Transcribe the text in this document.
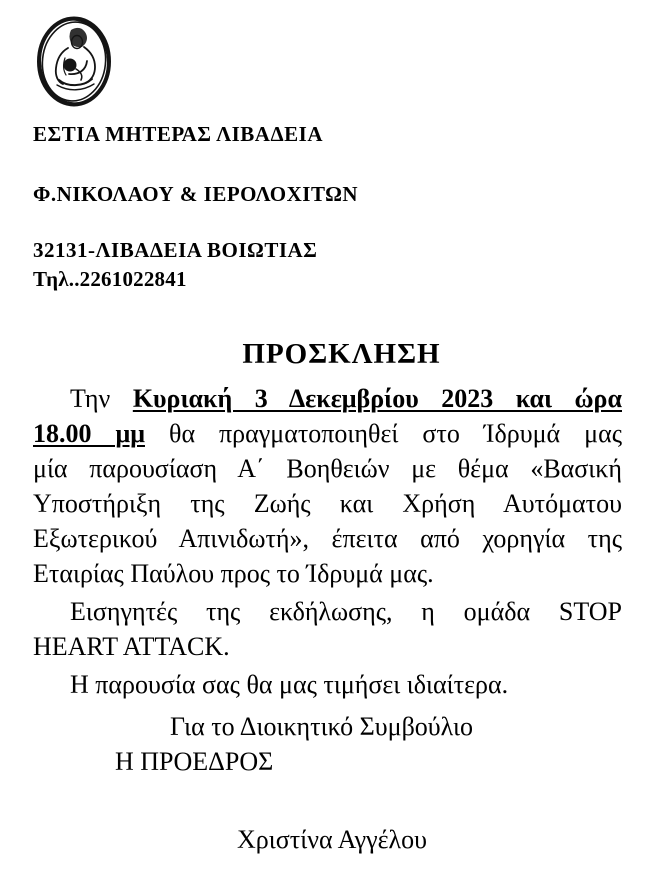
ΕΣΤΙΑ ΜΗΤΕΡΑΣ ΛΙΒΑΔΕΙΑ
Φ.ΝΙΚΟΛΑΟΥ & ΙΕΡΟΛΟΧΙΤΩΝ
32131-ΛΙΒΑΔΕΙΑ ΒΟΙΩΤΙΑΣ
Τηλ..2261022841
ΠΡΟΣΚΛΗΣΗ
Την Κυριακή 3 Δεκεμβρίου 2023 και ώρα
18.00 μμ θα πραγματοποιηθεί στο Ίδρυμά μας
μία παρουσίαση Α΄ Βοηθειών με θέμα «Βασική
Υποστήριξη της Ζωής και Χρήση Αυτόματου
Εξωτερικού Απινιδωτή», έπειτα από χορηγία της
Εταιρίας Παύλου προς το Ίδρυμά μας.
Εισηγητές της εκδήλωσης, η ομάδα STOP
HEART ATTACK.
Η παρουσία σας θα μας τιμήσει ιδιαίτερα.
Για το Διοικητικό Συμβούλιο
Η ΠΡΟΕΔΡΟΣ
Χριστίνα Αγγέλου
